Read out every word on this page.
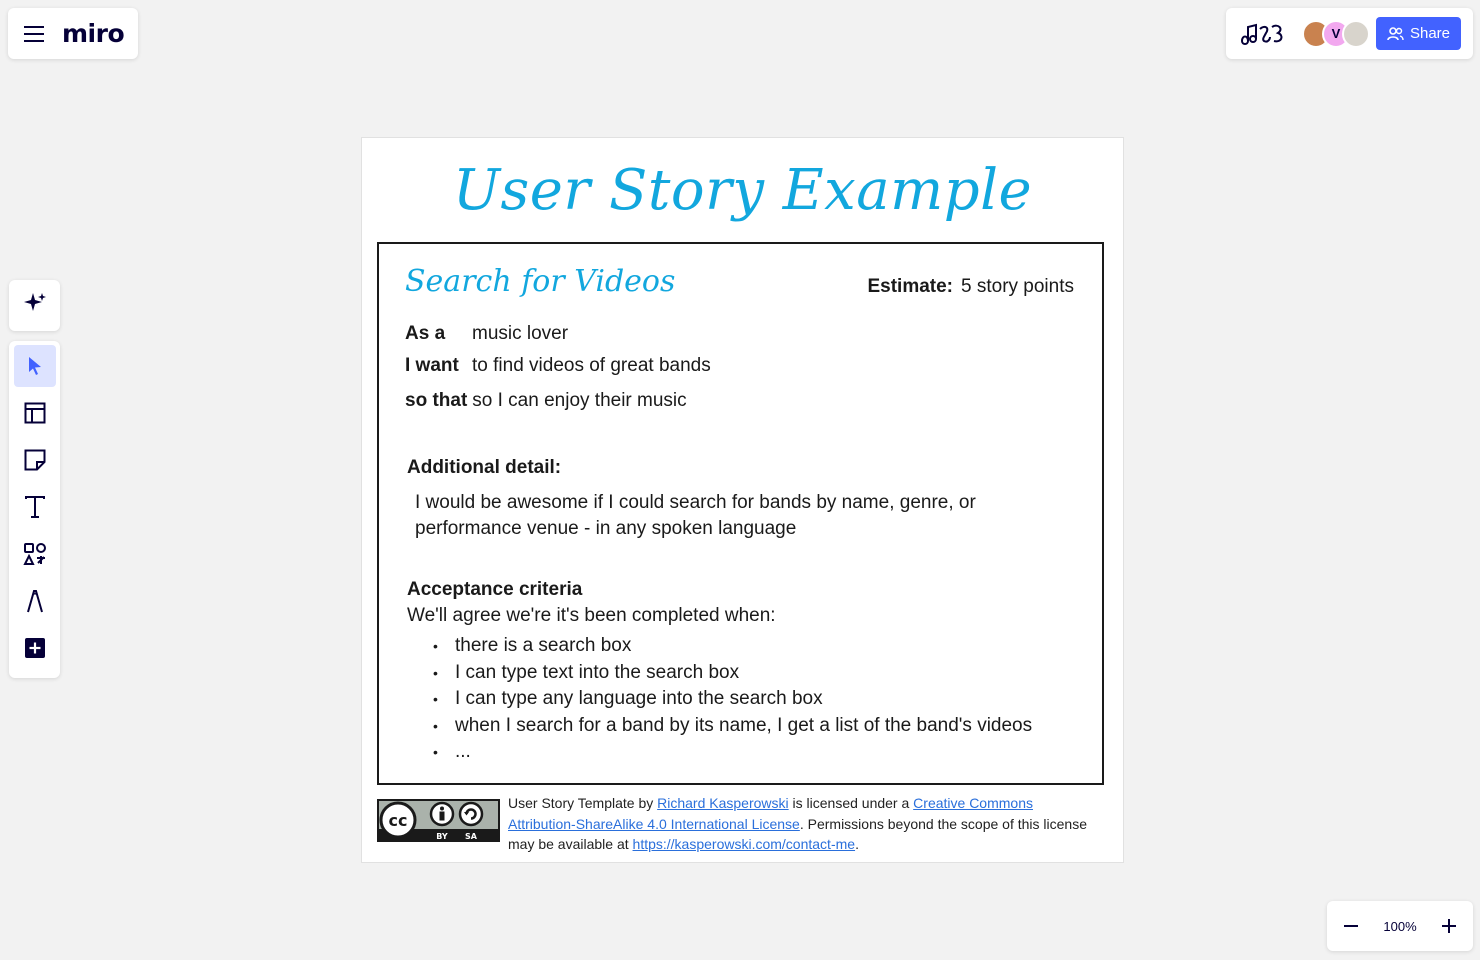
miro	V	Share
100%
User Story Example
Search for Videos	Estimate: 5 story points
As a music lover
I want to find videos of great bands
so that so I can enjoy their music
Additional detail:
I would be awesome if I could search for bands by name, genre, or performance venue - in any spoken language
Acceptance criteria
We'll agree we're it's been completed when:
• there is a search box
• I can type text into the search box
• I can type any language into the search box
• when I search for a band by its name, I get a list of the band's videos
• ...
cc
BY SA
User Story Template by Richard Kasperowski is licensed under a Creative Commons Attribution-ShareAlike 4.0 International License. Permissions beyond the scope of this license may be available at https://kasperowski.com/contact-me.
